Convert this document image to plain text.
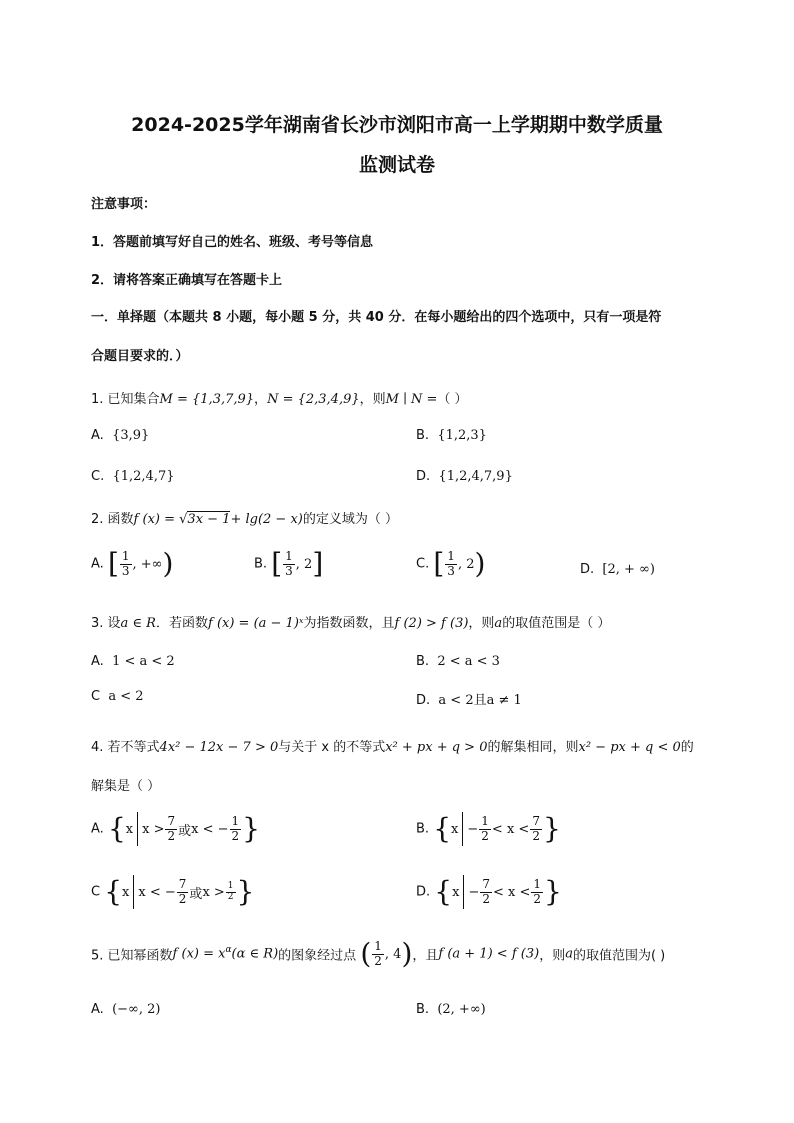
2024-2025学年湖南省长沙市浏阳市高一上学期期中数学质量
监测试卷
注意事项：
1．答题前填写好自己的姓名、班级、考号等信息
2．请将答案正确填写在答题卡上
一．单择题（本题共 8 小题，每小题 5 分，共 40 分．在每小题给出的四个选项中，只有一项是符
合题目要求的．）
1. 已知集合M = {1,3,7,9}，N = {2,3,4,9}，则M ∣ N =（ ）
A. {3,9}	B. {1,2,3}
C. {1,2,4,7}	D. {1,2,4,7,9}
2. 函数f (x) = √3x − 1+ lg(2 − x)的定义域为（ ）
A. [ $\frac{1}{3}$ , +∞ )	B. [ $\frac{1}{3}$ , 2 ]	C. [ $\frac{1}{3}$ , 2 )	D. [2, + ∞)
3. 设a ∈ R．若函数f (x) = (a − 1)ˣ为指数函数，且f (2) > f (3)，则a的取值范围是（ ）
A. 1 < a < 2	B. 2 < a < 3
C a < 2	D. a < 2且a ≠ 1
4. 若不等式4x² − 12x − 7 > 0与关于 x 的不等式x² + px + q > 0的解集相同，则x² − px + q < 0的
解集是（ ）
A. { x $x > \frac{7}{2}$ 或 x < − $\frac{1}{2}$ }	B. { $x - \frac{1}{2} < x < \frac{7}{2}$ }
C { x x < − $\frac{7}{2}$ 或 $x > \frac{1}{2}$ }	D. { $x - \frac{7}{2} < x < \frac{1}{2}$ }
5. 已知幂函数f $(x) = x^\alpha(\alpha$ ∈ R)的图象经过点 ( $\frac{1}{2}$ , 4 ) ，且f (a + 1) < f (3)，则a的取值范围为( )
A. (−∞, 2)	B. (2, +∞)
